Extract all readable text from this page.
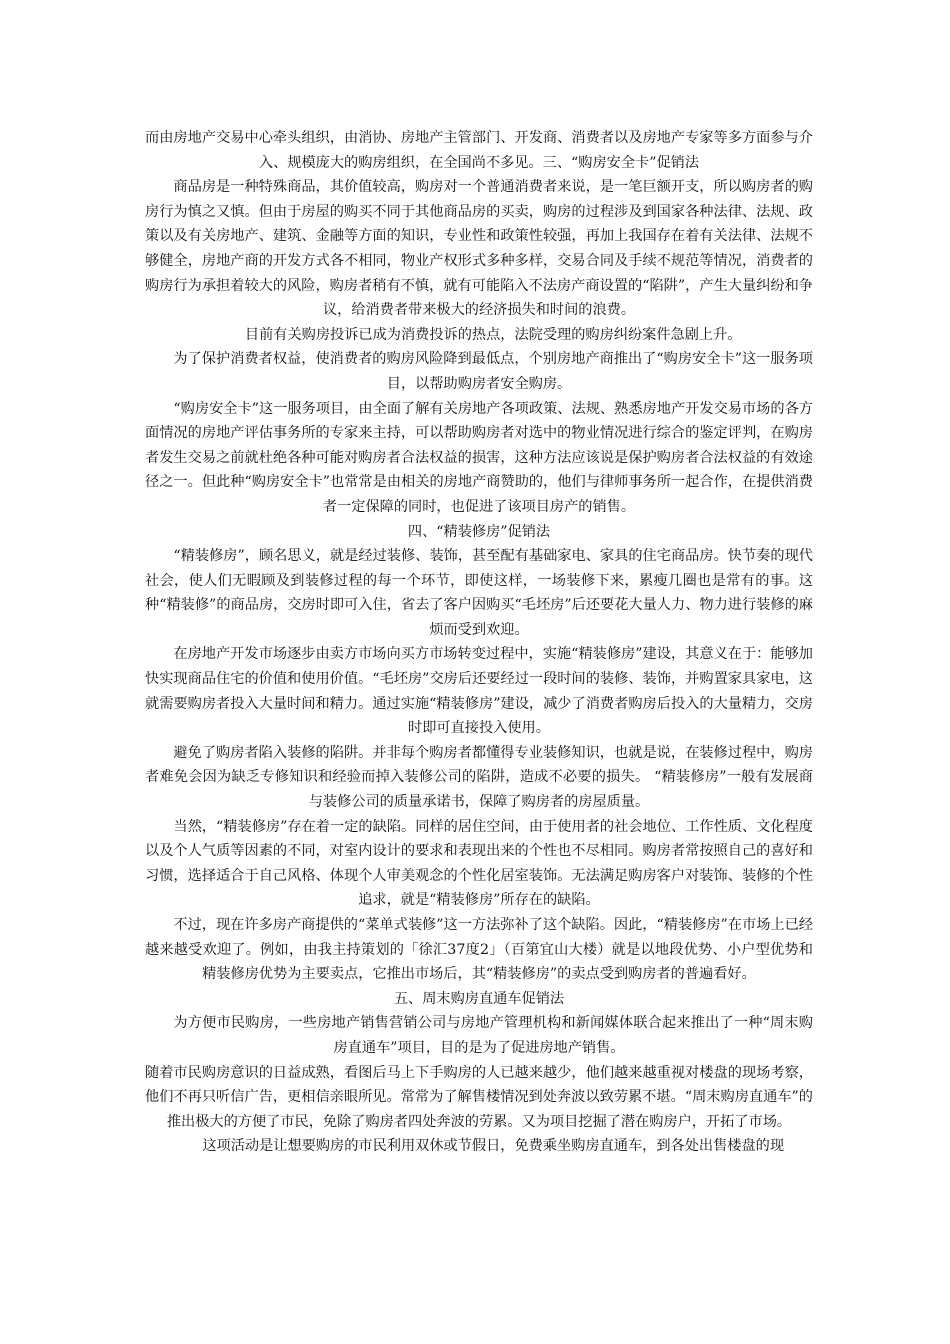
而由房地产交易中心牵头组织，由消协、房地产主管部门、开发商、消费者以及房地产专家等多方面参与介入、规模庞大的购房组织，在全国尚不多见。三、“购房安全卡”促销法

商品房是一种特殊商品，其价值较高，购房对一个普通消费者来说，是一笔巨额开支，所以购房者的购房行为慎之又慎。但由于房屋的购买不同于其他商品房的买卖，购房的过程涉及到国家各种法律、法规、政策以及有关房地产、建筑、金融等方面的知识，专业性和政策性较强，再加上我国存在着有关法律、法规不够健全，房地产商的开发方式各不相同，物业产权形式多种多样，交易合同及手续不规范等情况，消费者的购房行为承担着较大的风险，购房者稍有不慎，就有可能陷入不法房产商设置的“陷阱”，产生大量纠纷和争议，给消费者带来极大的经济损失和时间的浪费。

目前有关购房投诉已成为消费投诉的热点，法院受理的购房纠纷案件急剧上升。

为了保护消费者权益，使消费者的购房风险降到最低点，个别房地产商推出了“购房安全卡”这一服务项目，以帮助购房者安全购房。

“购房安全卡”这一服务项目，由全面了解有关房地产各项政策、法规、熟悉房地产开发交易市场的各方面情况的房地产评估事务所的专家来主持，可以帮助购房者对选中的物业情况进行综合的鉴定评判，在购房者发生交易之前就杜绝各种可能对购房者合法权益的损害，这种方法应该说是保护购房者合法权益的有效途径之一。但此种“购房安全卡”也常常是由相关的房地产商赞助的，他们与律师事务所一起合作，在提供消费者一定保障的同时，也促进了该项目房产的销售。

四、“精装修房”促销法

“精装修房”，顾名思义，就是经过装修、装饰，甚至配有基础家电、家具的住宅商品房。快节奏的现代社会，使人们无暇顾及到装修过程的每一个环节，即使这样，一场装修下来，累瘦几圈也是常有的事。这种“精装修”的商品房，交房时即可入住，省去了客户因购买“毛坯房”后还要花大量人力、物力进行装修的麻烦而受到欢迎。

在房地产开发市场逐步由卖方市场向买方市场转变过程中，实施“精装修房”建设，其意义在于：能够加快实现商品住宅的价值和使用价值。“毛坯房”交房后还要经过一段时间的装修、装饰，并购置家具家电，这就需要购房者投入大量时间和精力。通过实施“精装修房”建设，减少了消费者购房后投入的大量精力，交房时即可直接投入使用。

避免了购房者陷入装修的陷阱。并非每个购房者都懂得专业装修知识，也就是说，在装修过程中，购房者难免会因为缺乏专修知识和经验而掉入装修公司的陷阱，造成不必要的损失。 “精装修房”一般有发展商与装修公司的质量承诺书，保障了购房者的房屋质量。

当然，“精装修房”存在着一定的缺陷。同样的居住空间，由于使用者的社会地位、工作性质、文化程度以及个人气质等因素的不同，对室内设计的要求和表现出来的个性也不尽相同。购房者常按照自己的喜好和习惯，选择适合于自己风格、体现个人审美观念的个性化居室装饰。无法满足购房客户对装饰、装修的个性追求，就是“精装修房”所存在的缺陷。

不过，现在许多房产商提供的“菜单式装修”这一方法弥补了这个缺陷。因此，“精装修房”在市场上已经越来越受欢迎了。例如，由我主持策划的「徐汇37度2」（百第宜山大楼）就是以地段优势、小户型优势和精装修房优势为主要卖点，它推出市场后，其“精装修房”的卖点受到购房者的普遍看好。

五、周末购房直通车促销法

为方便市民购房，一些房地产销售营销公司与房地产管理机构和新闻媒体联合起来推出了一种“周末购房直通车”项目，目的是为了促进房地产销售。

随着市民购房意识的日益成熟，看图后马上下手购房的人已越来越少，他们越来越重视对楼盘的现场考察，他们不再只听信广告，更相信亲眼所见。常常为了解售楼情况到处奔波以致劳累不堪。“周末购房直通车”的推出极大的方便了市民，免除了购房者四处奔波的劳累。又为项目挖掘了潜在购房户，开拓了市场。

这项活动是让想要购房的市民利用双休或节假日，免费乘坐购房直通车，到各处出售楼盘的现
